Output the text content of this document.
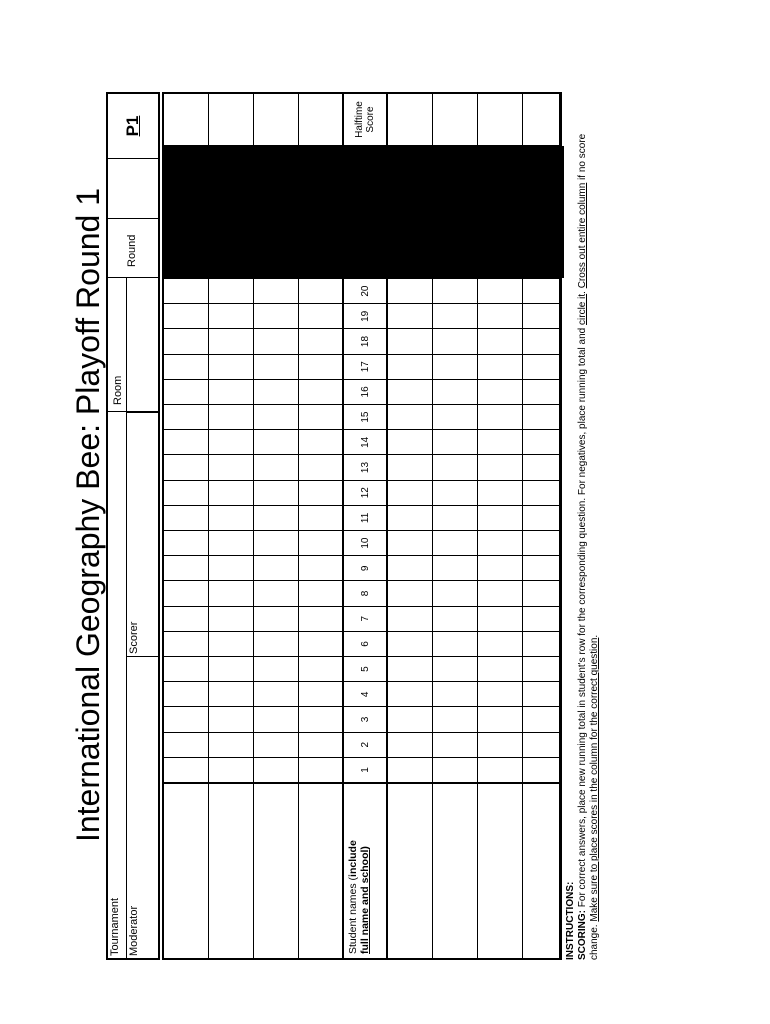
International Geography Bee: Playoff Round 1
Tournament Moderator
Scorer
Room
Round
P1
Student names (include full name and school)
1
2
3
4
5
6
7
8
9
10
11
12
13
14
15
16
17
18
19
20
Halftime Score
INSTRUCTIONS: SCORING: For correct answers, place new running total in student's row for the corresponding question. For negatives, place running total and circle it. Cross out entire column if no score change. Make sure to place scores in the column for the correct question.
